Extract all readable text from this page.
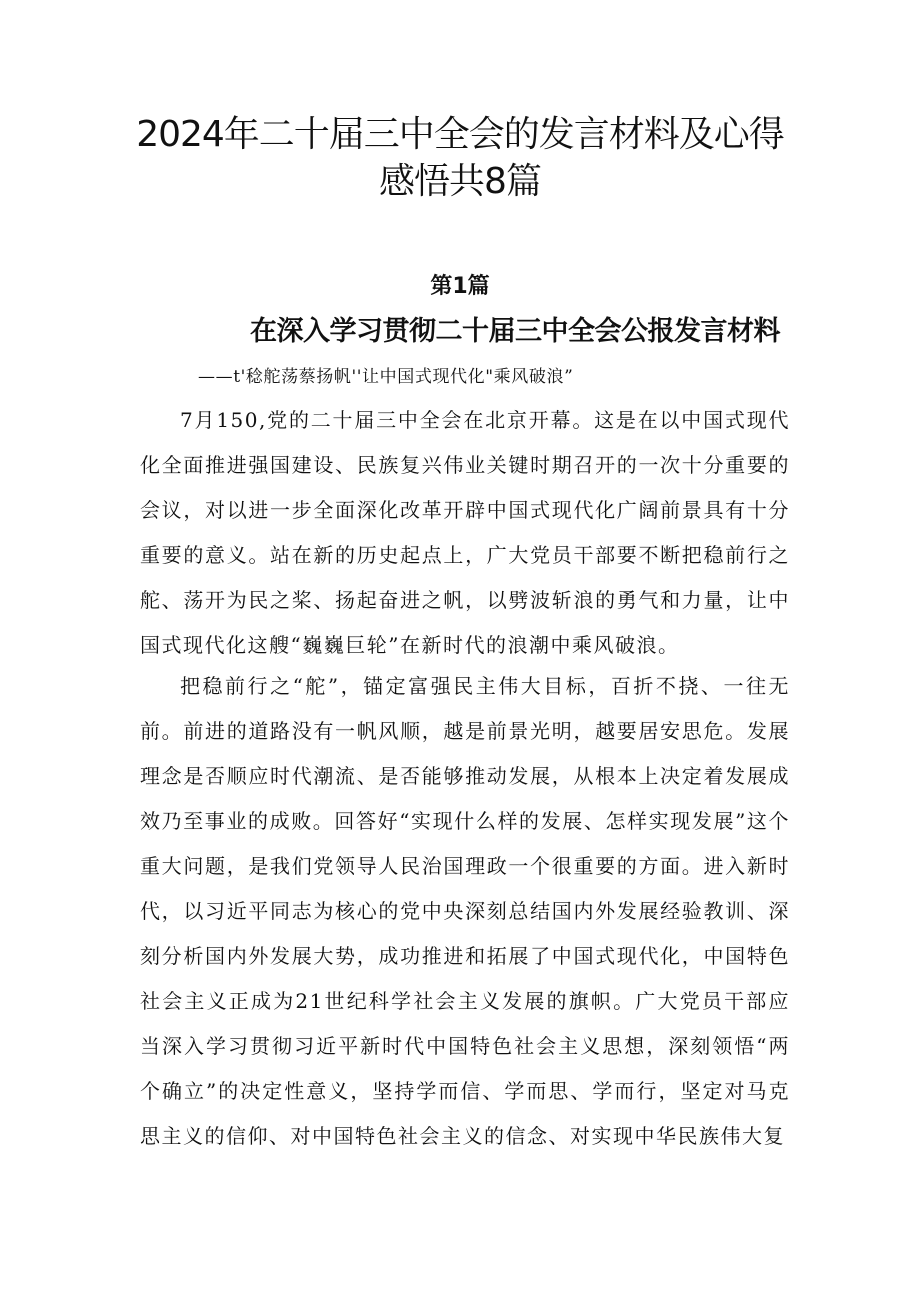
2024年二十届三中全会的发言材料及心得
感悟共8篇
第1篇
在深入学习贯彻二十届三中全会公报发言材料
——t'稔舵荡蔡扬帆''让中国式现代化"乘风破浪”

7月150,党的二十届三中全会在北京开幕。这是在以中国式现代化全面推进强国建设、民族复兴伟业关键时期召开的一次十分重要的会议，对以进一步全面深化改革开辟中国式现代化广阔前景具有十分重要的意义。站在新的历史起点上，广大党员干部要不断把稳前行之舵、荡开为民之桨、扬起奋进之帆，以劈波斩浪的勇气和力量，让中国式现代化这艘“巍巍巨轮”在新时代的浪潮中乘风破浪。

把稳前行之“舵”，锚定富强民主伟大目标，百折不挠、一往无前。前进的道路没有一帆风顺，越是前景光明，越要居安思危。发展理念是否顺应时代潮流、是否能够推动发展，从根本上决定着发展成效乃至事业的成败。回答好“实现什么样的发展、怎样实现发展”这个重大问题，是我们党领导人民治国理政一个很重要的方面。进入新时代，以习近平同志为核心的党中央深刻总结国内外发展经验教训、深刻分析国内外发展大势，成功推进和拓展了中国式现代化，中国特色社会主义正成为21世纪科学社会主义发展的旗帜。广大党员干部应当深入学习贯彻习近平新时代中国特色社会主义思想，深刻领悟“两个确立”的决定性意义，坚持学而信、学而思、学而行，坚定对马克思主义的信仰、对中国特色社会主义的信念、对实现中华民族伟大复
